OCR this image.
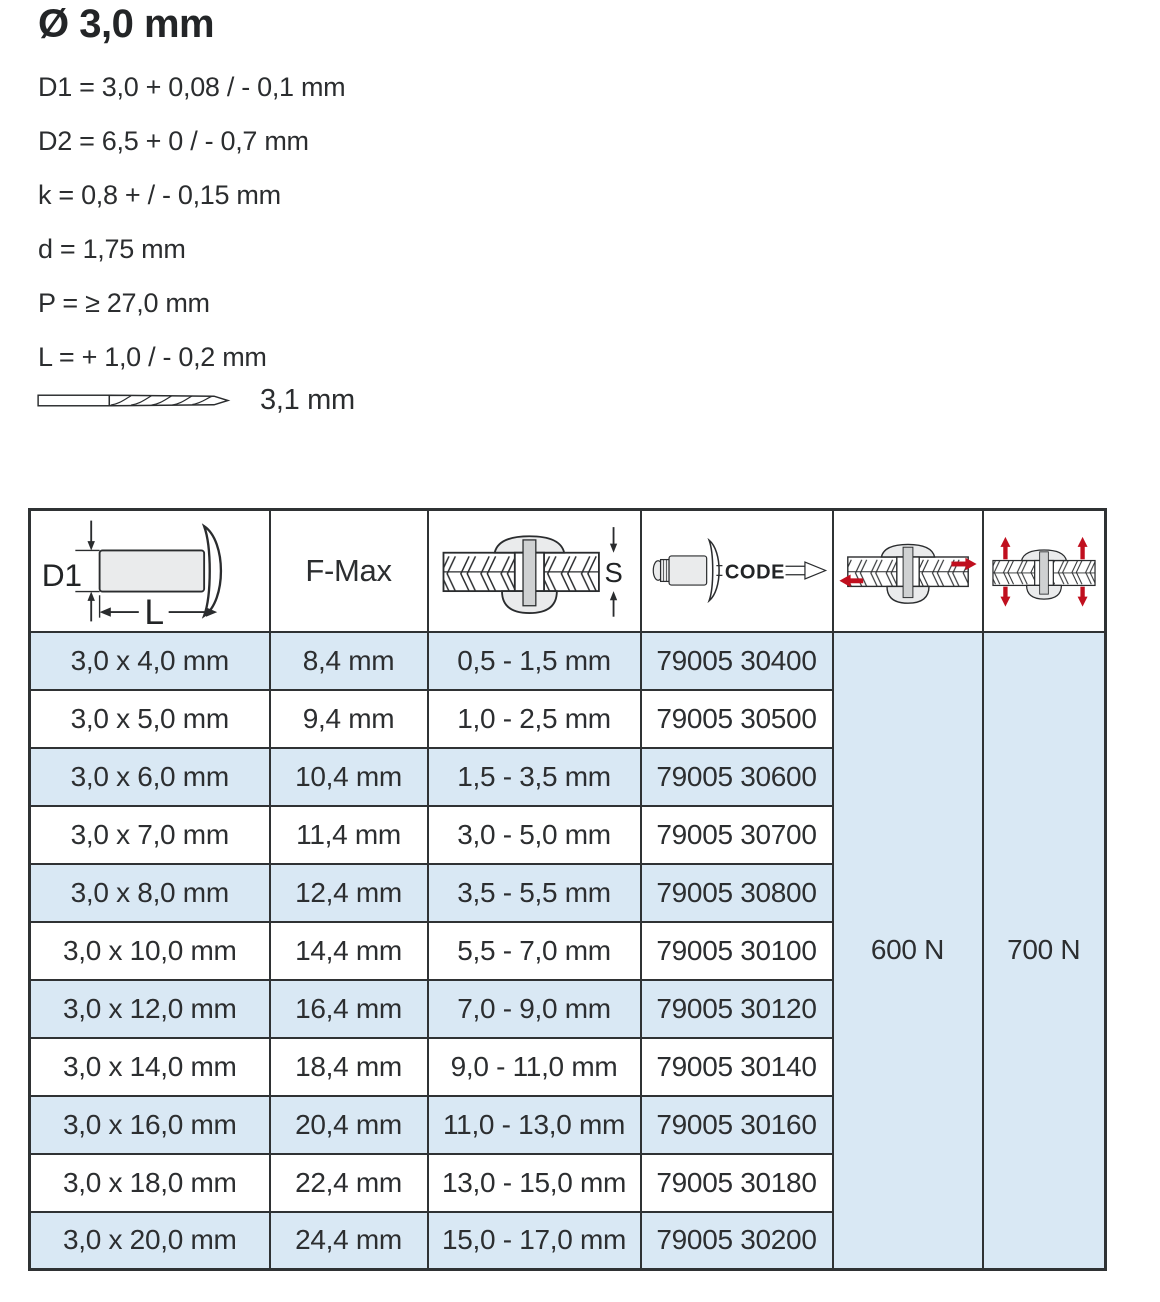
Ø 3,0 mm
D1 = 3,0 + 0,08 / - 0,1 mm
D2 = 6,5 + 0 / - 0,7 mm
k = 0,8 + / - 0,15 mm
d = 1,75 mm
P = ≥ 27,0 mm
L = + 1,0 / - 0,2 mm
3,1 mm
D1
L	F-Max	S	CODE

3,0 x 4,0 mm	8,4 mm	0,5 - 1,5 mm	79005 30400	600 N	700 N
3,0 x 5,0 mm	9,4 mm	1,0 - 2,5 mm	79005 30500		
3,0 x 6,0 mm	10,4 mm	1,5 - 3,5 mm	79005 30600		
3,0 x 7,0 mm	11,4 mm	3,0 - 5,0 mm	79005 30700		
3,0 x 8,0 mm	12,4 mm	3,5 - 5,5 mm	79005 30800		
3,0 x 10,0 mm	14,4 mm	5,5 - 7,0 mm	79005 30100		
3,0 x 12,0 mm	16,4 mm	7,0 - 9,0 mm	79005 30120		
3,0 x 14,0 mm	18,4 mm	9,0 - 11,0 mm	79005 30140		
3,0 x 16,0 mm	20,4 mm	11,0 - 13,0 mm	79005 30160		
3,0 x 18,0 mm	22,4 mm	13,0 - 15,0 mm	79005 30180		
3,0 x 20,0 mm	24,4 mm	15,0 - 17,0 mm	79005 30200		
